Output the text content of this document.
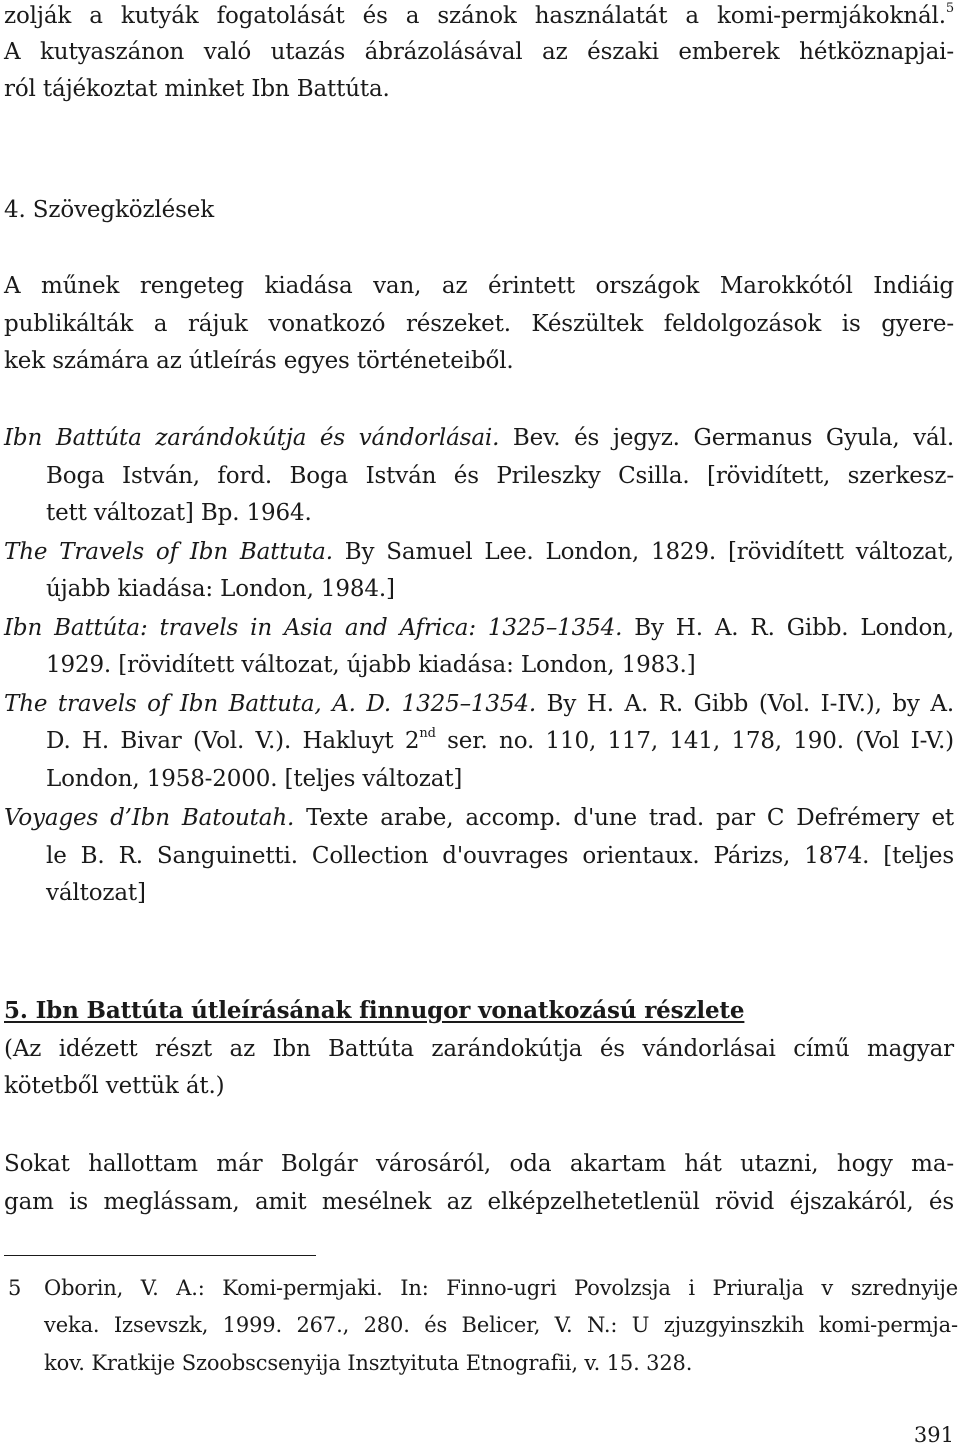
zolják a kutyák fogatolását és a szánok használatát a komi-permjákoknál.$^5$
A kutyaszánon való utazás ábrázolásával az északi emberek hétköznapjai-
ról tájékoztat minket Ibn Battúta.
4. Szövegközlések
A műnek rengeteg kiadása van, az érintett országok Marokkótól Indiáig
publikálták a rájuk vonatkozó részeket. Készültek feldolgozások is gyere-
kek számára az útleírás egyes történeteiből.
Ibn Battúta zarándokútja és vándorlásai. Bev. és jegyz. Germanus Gyula, vál.
Boga István, ford. Boga István és Prileszky Csilla. [rövidített, szerkesz-
tett változat] Bp. 1964.
The Travels of Ibn Battuta. By Samuel Lee. London, 1829. [rövidített változat,
újabb kiadása: London, 1984.]
Ibn Battúta: travels in Asia and Africa: 1325–1354. By H. A. R. Gibb. London,
1929. [rövidített változat, újabb kiadása: London, 1983.]
The travels of Ibn Battuta, A. D. 1325–1354. By H. A. R. Gibb (Vol. I-IV.), by A.
D. H. Bivar (Vol. V.). Hakluyt 2nd ser. no. 110, 117, 141, 178, 190. (Vol I-V.)
London, 1958-2000. [teljes változat]
Voyages d’Ibn Batoutah. Texte arabe, accomp. d'une trad. par C Defrémery et
le B. R. Sanguinetti. Collection d'ouvrages orientaux. Párizs, 1874. [teljes
változat]
5. Ibn Battúta útleírásának finnugor vonatkozású részlete
(Az idézett részt az Ibn Battúta zarándokútja és vándorlásai című magyar
kötetből vettük át.)
Sokat hallottam már Bolgár városáról, oda akartam hát utazni, hogy ma-
gam is meglássam, amit mesélnek az elképzelhetetlenül rövid éjszakáról, és
5	Oborin, V. A.: Komi-permjaki. In: Finno-ugri Povolzsja i Priuralja v szrednyije
veka. Izsevszk, 1999. 267., 280. és Belicer, V. N.: U zjuzgyinszkih komi-permja-
kov. Kratkije Szoobscsenyija Insztyituta Etnografii, v. 15. 328.
391
